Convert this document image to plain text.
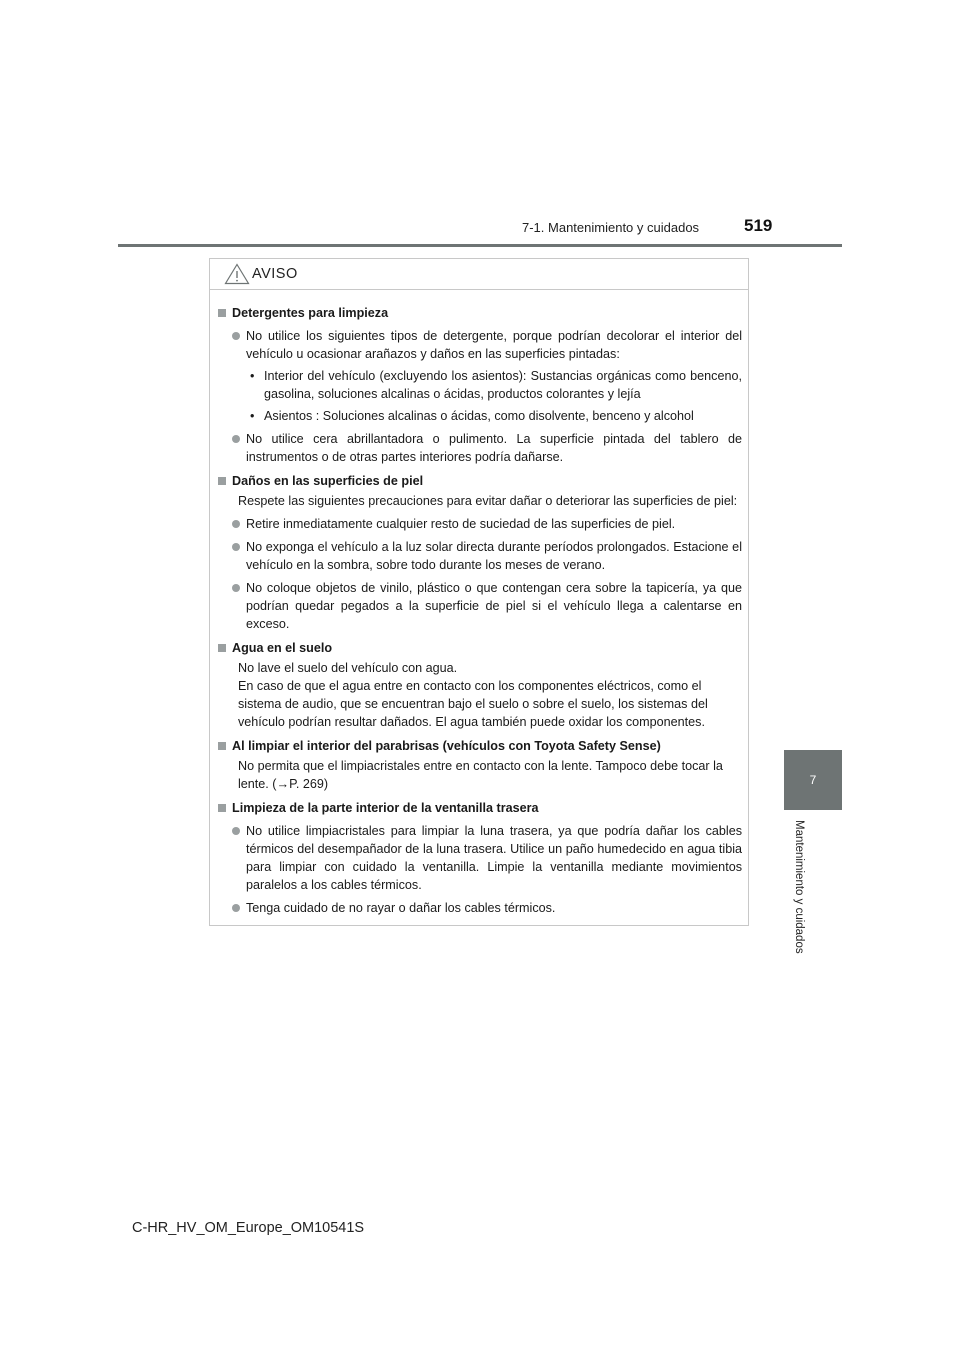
7-1. Mantenimiento y cuidados	519
7
Mantenimiento y cuidados
AVISO
Detergentes para limpieza
No utilice los siguientes tipos de detergente, porque podrían decolorar el interior del vehículo u ocasionar arañazos y daños en las superficies pintadas:
• Interior del vehículo (excluyendo los asientos): Sustancias orgánicas como benceno, gasolina, soluciones alcalinas o ácidas, productos colorantes y lejía
• Asientos : Soluciones alcalinas o ácidas, como disolvente, benceno y alcohol
No utilice cera abrillantadora o pulimento. La superficie pintada del tablero de instrumentos o de otras partes interiores podría dañarse.
Daños en las superficies de piel
Respete las siguientes precauciones para evitar dañar o deteriorar las superficies de piel:
Retire inmediatamente cualquier resto de suciedad de las superficies de piel.
No exponga el vehículo a la luz solar directa durante períodos prolongados. Estacione el vehículo en la sombra, sobre todo durante los meses de verano.
No coloque objetos de vinilo, plástico o que contengan cera sobre la tapicería, ya que podrían quedar pegados a la superficie de piel si el vehículo llega a calentarse en exceso.
Agua en el suelo
No lave el suelo del vehículo con agua.
En caso de que el agua entre en contacto con los componentes eléctricos, como el sistema de audio, que se encuentran bajo el suelo o sobre el suelo, los sistemas del vehículo podrían resultar dañados. El agua también puede oxidar los componentes.
Al limpiar el interior del parabrisas (vehículos con Toyota Safety Sense)
No permita que el limpiacristales entre en contacto con la lente. Tampoco debe tocar la lente. (→P. 269)
Limpieza de la parte interior de la ventanilla trasera
No utilice limpiacristales para limpiar la luna trasera, ya que podría dañar los cables térmicos del desempañador de la luna trasera. Utilice un paño humedecido en agua tibia para limpiar con cuidado la ventanilla. Limpie la ventanilla mediante movimientos paralelos a los cables térmicos.
Tenga cuidado de no rayar o dañar los cables térmicos.
C-HR_HV_OM_Europe_OM10541S
